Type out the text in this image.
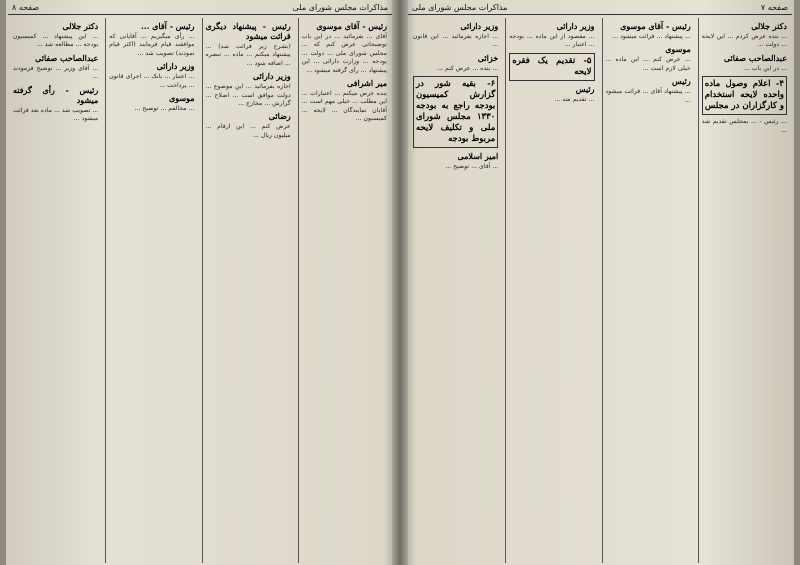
مذاکرات مجلس شورای ملی
صفحه ۸
رئیس - آقای موسوی

آقای ... بفرمائید ... در این باب توضیحاتی عرض کنم که ... مجلس شورای ملی ... دولت ... بودجه ... وزارت دارائی ... این پیشنهاد ... رأی گرفته میشود ...

میر اشرافی

بنده عرض میکنم ... اعتبارات ... این مطلب ... خیلی مهم است ... آقایان نمایندگان ... لایحه ... کمیسیون ...

رئیس - پیشنهاد دیگری قرائت میشود

(بشرح زیر قرائت شد) ... پیشنهاد میکنم ... ماده ... تبصره ... اضافه شود ...

وزیر دارائی

اجازه بفرمائید ... این موضوع ... دولت موافق است ... اصلاح ... گزارش ... مخارج ...

رضائی

عرض کنم ... این ارقام ... میلیون ریال ...

رئیس - آقای ...

... رأی میگیریم ... آقایانی که موافقند قیام فرمایند (اکثر قیام نمودند) تصویب شد ...

وزیر دارائی

... اعتبار ... بانک ... اجرای قانون ... پرداخت ...

موسوی

... مخالفم ... توضیح ...

دکتر جلالی

... این پیشنهاد ... کمیسیون بودجه ... مطالعه شد ...

عبدالصاحب صفائی

... آقای وزیر ... توضیح فرمودند ...

رئیس - رأی گرفته میشود

... تصویب شد ... ماده بعد قرائت میشود ...

صفحه ۷
مذاکرات مجلس شورای ملی
دکتر جلالی

... بنده عرض کردم ... این لایحه ... دولت ...

عبدالصاحب صفائی

... در این باب ...

۴- اعلام وصول ماده واحده لایحه استخدام و کارگزاران در مجلس

... رئیس - ... بمجلس تقدیم شد ...

رئیس - آقای موسوی

... پیشنهاد ... قرائت میشود ...

موسوی

... عرض کنم ... این ماده ... خیلی لازم است ...

رئیس

... پیشنهاد آقای ... قرائت میشود ...

وزیر دارائی

... مقصود از این ماده ... بودجه ... اعتبار ...

۵- تقدیم یک فقره لایحه
رئیس

... تقدیم شد ...

وزیر دارائی

... اجازه بفرمائید ... این قانون ...

خزائی

... بنده ... عرض کنم ...

۶- بقیه شور در گزارش کمیسیون بودجه راجع به بودجه ۱۳۳۰ مجلس شورای ملی و تکلیف لایحه مربوط بودجه
امیر اسلامی

... آقای ... توضیح ...
